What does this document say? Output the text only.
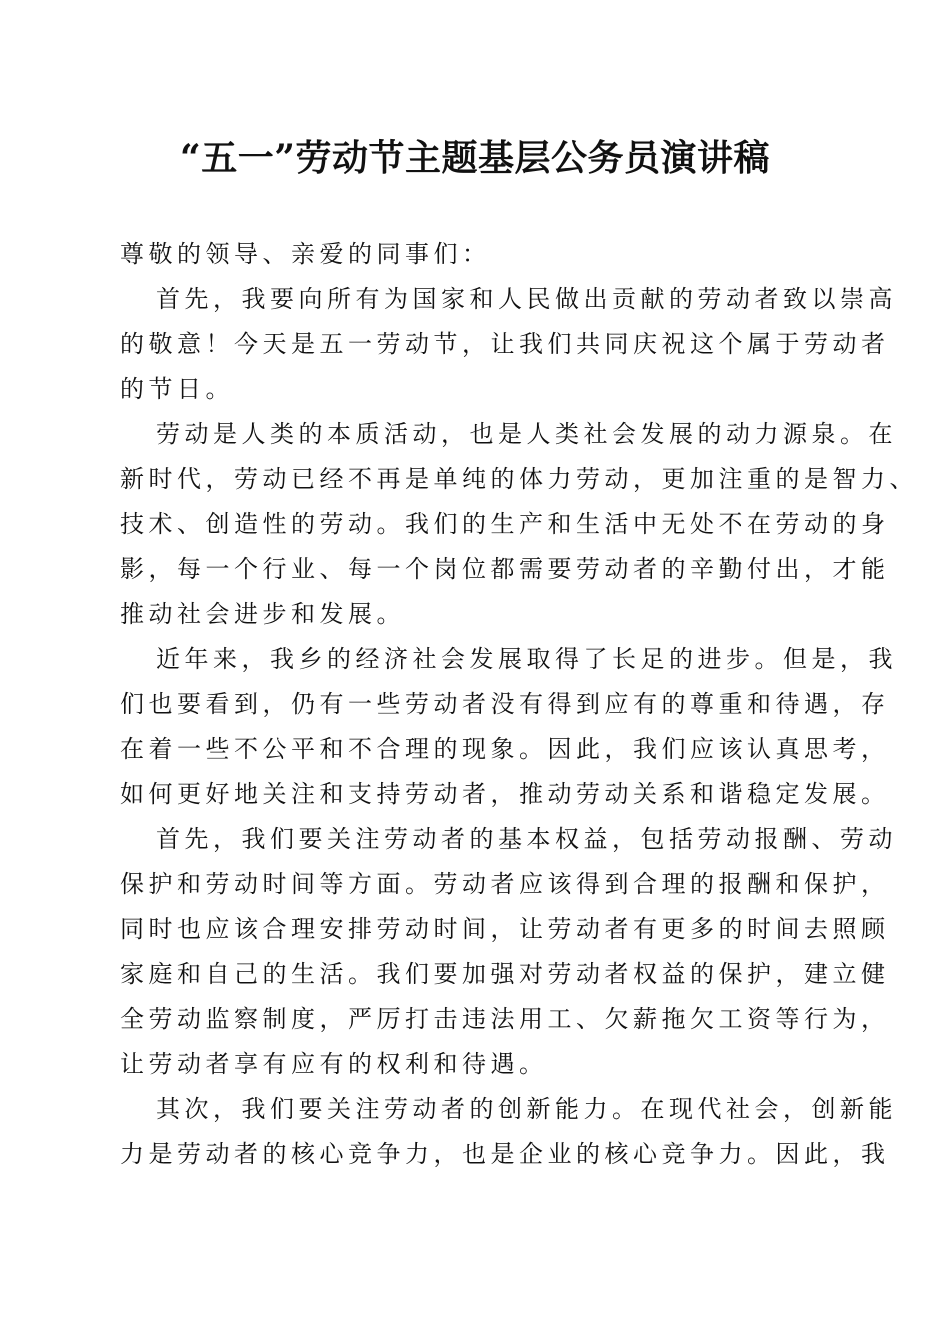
“五一”劳动节主题基层公务员演讲稿
尊敬的领导、亲爱的同事们：
首先，我要向所有为国家和人民做出贡献的劳动者致以崇高
的敬意！今天是五一劳动节，让我们共同庆祝这个属于劳动者
的节日。
劳动是人类的本质活动，也是人类社会发展的动力源泉。在
新时代，劳动已经不再是单纯的体力劳动，更加注重的是智力、
技术、创造性的劳动。我们的生产和生活中无处不在劳动的身
影，每一个行业、每一个岗位都需要劳动者的辛勤付出，才能
推动社会进步和发展。
近年来，我乡的经济社会发展取得了长足的进步。但是，我
们也要看到，仍有一些劳动者没有得到应有的尊重和待遇，存
在着一些不公平和不合理的现象。因此，我们应该认真思考，
如何更好地关注和支持劳动者，推动劳动关系和谐稳定发展。
首先，我们要关注劳动者的基本权益，包括劳动报酬、劳动
保护和劳动时间等方面。劳动者应该得到合理的报酬和保护，
同时也应该合理安排劳动时间，让劳动者有更多的时间去照顾
家庭和自己的生活。我们要加强对劳动者权益的保护，建立健
全劳动监察制度，严厉打击违法用工、欠薪拖欠工资等行为，
让劳动者享有应有的权利和待遇。
其次，我们要关注劳动者的创新能力。在现代社会，创新能
力是劳动者的核心竞争力，也是企业的核心竞争力。因此，我
